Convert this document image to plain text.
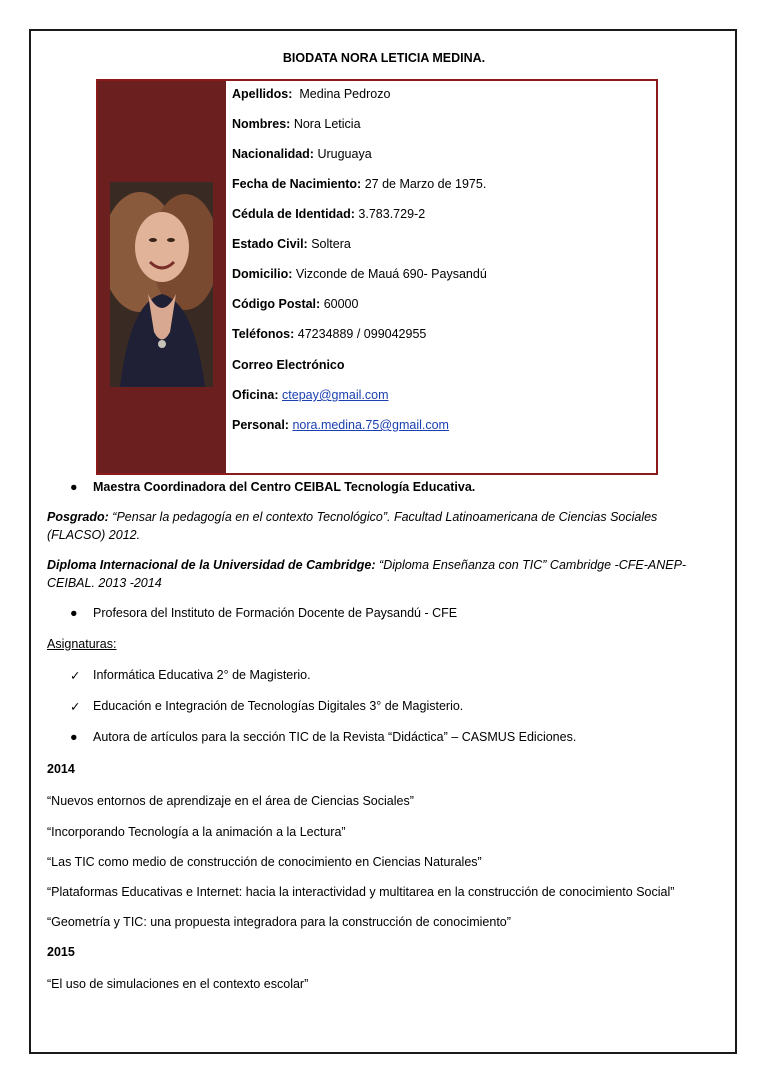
BIODATA NORA LETICIA MEDINA.
Apellidos: Medina Pedrozo
Nombres: Nora Leticia
Nacionalidad: Uruguaya
Fecha de Nacimiento: 27 de Marzo de 1975.
Cédula de Identidad: 3.783.729-2
Estado Civil: Soltera
Domicilio: Vizconde de Mauá 690- Paysandú
Código Postal: 60000
Teléfonos: 47234889 / 099042955
Correo Electrónico
Oficina: ctepay@gmail.com
Personal: nora.medina.75@gmail.com
● Maestra Coordinadora del Centro CEIBAL Tecnología Educativa.
Posgrado: “Pensar la pedagogía en el contexto Tecnológico”. Facultad Latinoamericana de Ciencias Sociales
(FLACSO) 2012.
Diploma Internacional de la Universidad de Cambridge: “Diploma Enseñanza con TIC” Cambridge -CFE-ANEP-
CEIBAL. 2013 -2014
● Profesora del Instituto de Formación Docente de Paysandú - CFE
Asignaturas:
✓ Informática Educativa 2° de Magisterio.
✓ Educación e Integración de Tecnologías Digitales 3° de Magisterio.
● Autora de artículos para la sección TIC de la Revista “Didáctica” – CASMUS Ediciones.
2014
“Nuevos entornos de aprendizaje en el área de Ciencias Sociales”
“Incorporando Tecnología a la animación a la Lectura”
“Las TIC como medio de construcción de conocimiento en Ciencias Naturales”
“Plataformas Educativas e Internet: hacia la interactividad y multitarea en la construcción de conocimiento Social”
“Geometría y TIC: una propuesta integradora para la construcción de conocimiento”
2015
“El uso de simulaciones en el contexto escolar”
